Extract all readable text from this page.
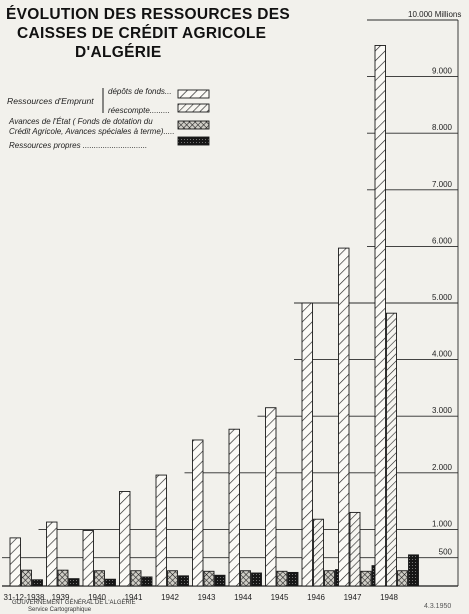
ÉVOLUTION DES RESSOURCES DES
CAISSES DE CRÉDIT AGRICOLE
D'ALGÉRIE
Ressources d'Emprunt
dépôts de fonds...
réescompte.........
Avances de l'État ( Fonds de dotation du
Crédit Agricole, Avances spéciales à terme).....
Ressources propres .............................
GOUVERNEMENT GÉNÉRAL DE L'ALGÉRIE
Service Cartographique	4.3.1950
500
1.000
2.000
3.000
4.000
5.000
6.000
7.000
8.000
9.000
10.000 Millions
31-12-1938 1939 1940 1941 1942 1943 1944 1945 1946 1947 1948
